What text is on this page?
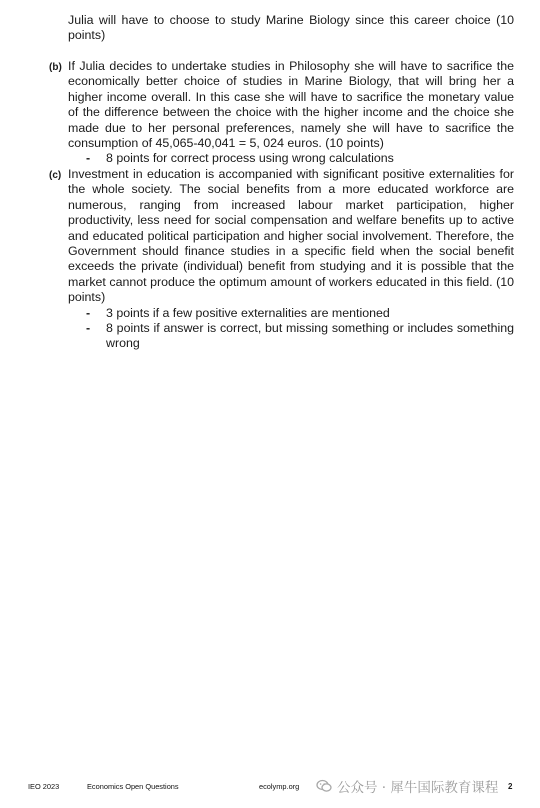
Julia will have to choose to study Marine Biology since this career choice (10 points)

(b) If Julia decides to undertake studies in Philosophy she will have to sacrifice the economically better choice of studies in Marine Biology, that will bring her a higher income overall. In this case she will have to sacrifice the monetary value of the difference between the choice with the higher income and the choice she made due to her personal preferences, namely she will have to sacrifice the consumption of 45,065-40,041 = 5, 024 euros. (10 points)

- 8 points for correct process using wrong calculations
(c) Investment in education is accompanied with significant positive externalities for the whole society. The social benefits from a more educated workforce are numerous, ranging from increased labour market participation, higher productivity, less need for social compensation and welfare benefits up to active and educated political participation and higher social involvement. Therefore, the Government should finance studies in a specific field when the social benefit exceeds the private (individual) benefit from studying and it is possible that the market cannot produce the optimum amount of workers educated in this field. (10 points)

- 3 points if a few positive externalities are mentioned
- 8 points if answer is correct, but missing something or includes something wrong
IEO 2023	Economics Open Questions	ecolymp.org	公众号 · 犀牛国际教育课程 2
